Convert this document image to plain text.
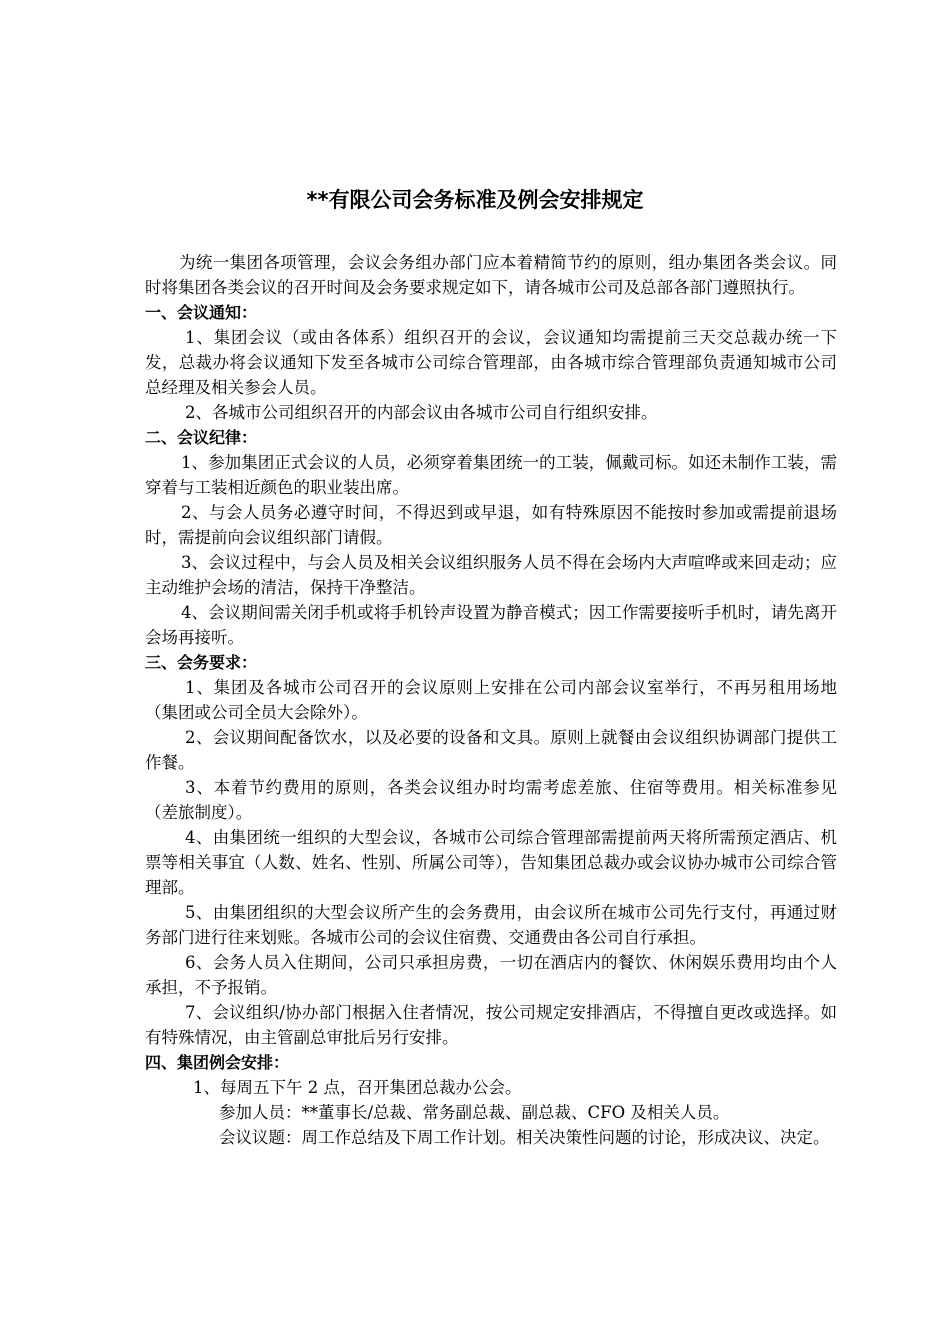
**有限公司会务标准及例会安排规定

为统一集团各项管理，会议会务组办部门应本着精简节约的原则，组办集团各类会议。同时将集团各类会议的召开时间及会务要求规定如下，请各城市公司及总部各部门遵照执行。

一、会议通知：

1、集团会议（或由各体系）组织召开的会议，会议通知均需提前三天交总裁办统一下发，总裁办将会议通知下发至各城市公司综合管理部，由各城市综合管理部负责通知城市公司总经理及相关参会人员。

2、各城市公司组织召开的内部会议由各城市公司自行组织安排。

二、会议纪律：

1、参加集团正式会议的人员，必须穿着集团统一的工装，佩戴司标。如还未制作工装，需穿着与工装相近颜色的职业装出席。

2、与会人员务必遵守时间，不得迟到或早退，如有特殊原因不能按时参加或需提前退场时，需提前向会议组织部门请假。

3、会议过程中，与会人员及相关会议组织服务人员不得在会场内大声喧哗或来回走动；应主动维护会场的清洁，保持干净整洁。

4、会议期间需关闭手机或将手机铃声设置为静音模式；因工作需要接听手机时，请先离开会场再接听。

三、会务要求：

1、集团及各城市公司召开的会议原则上安排在公司内部会议室举行，不再另租用场地（集团或公司全员大会除外）。

2、会议期间配备饮水，以及必要的设备和文具。原则上就餐由会议组织协调部门提供工作餐。

3、本着节约费用的原则，各类会议组办时均需考虑差旅、住宿等费用。相关标准参见（差旅制度）。

4、由集团统一组织的大型会议，各城市公司综合管理部需提前两天将所需预定酒店、机票等相关事宜（人数、姓名、性别、所属公司等），告知集团总裁办或会议协办城市公司综合管理部。

5、由集团组织的大型会议所产生的会务费用，由会议所在城市公司先行支付，再通过财务部门进行往来划账。各城市公司的会议住宿费、交通费由各公司自行承担。

6、会务人员入住期间，公司只承担房费，一切在酒店内的餐饮、休闲娱乐费用均由个人承担，不予报销。

7、会议组织/协办部门根据入住者情况，按公司规定安排酒店，不得擅自更改或选择。如有特殊情况，由主管副总审批后另行安排。

四、集团例会安排：

1、每周五下午 2 点，召开集团总裁办公会。

参加人员：**董事长/总裁、常务副总裁、副总裁、CFO 及相关人员。

会议议题：周工作总结及下周工作计划。相关决策性问题的讨论，形成决议、决定。
